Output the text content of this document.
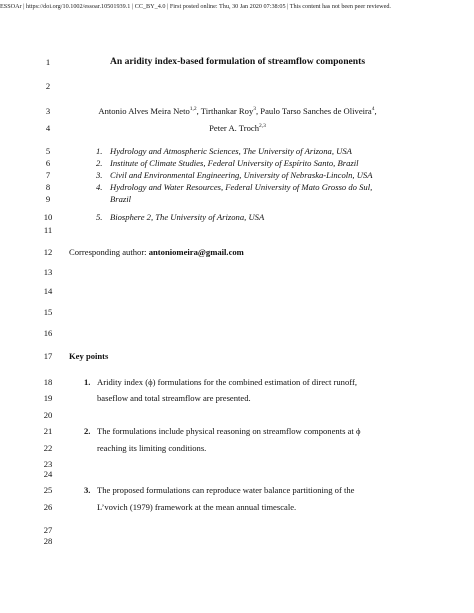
ESSOAr | https://doi.org/10.1002/essoar.10501939.1 | CC_BY_4.0 | First posted online: Thu, 30 Jan 2020 07:38:05 | This content has not been peer reviewed.
1
2
3
4
5
6
7
8
9
10
11
12
13
14
15
16
17
18
19
20
21
22
23
24
25
26
27
28
An aridity index-based formulation of streamflow components
Antonio Alves Meira Neto$^{1,2}$, Tirthankar Roy$^3$, Paulo Tarso Sanches de Oliveira$^4$,
Peter A. Troch$^{2,3}$
1. Hydrology and Atmospheric Sciences, The University of Arizona, USA
2. Institute of Climate Studies, Federal University of Espírito Santo, Brazil
3. Civil and Environmental Engineering, University of Nebraska-Lincoln, USA
4. Hydrology and Water Resources, Federal University of Mato Grosso do Sul,
Brazil
5. Biosphere 2, The University of Arizona, USA
Corresponding author: antoniomeira@gmail.com
Key points
1. Aridity index (ϕ) formulations for the combined estimation of direct runoff,
baseflow and total streamflow are presented.
2. The formulations include physical reasoning on streamflow components at ϕ
reaching its limiting conditions.
3. The proposed formulations can reproduce water balance partitioning of the
L’vovich (1979) framework at the mean annual timescale.
